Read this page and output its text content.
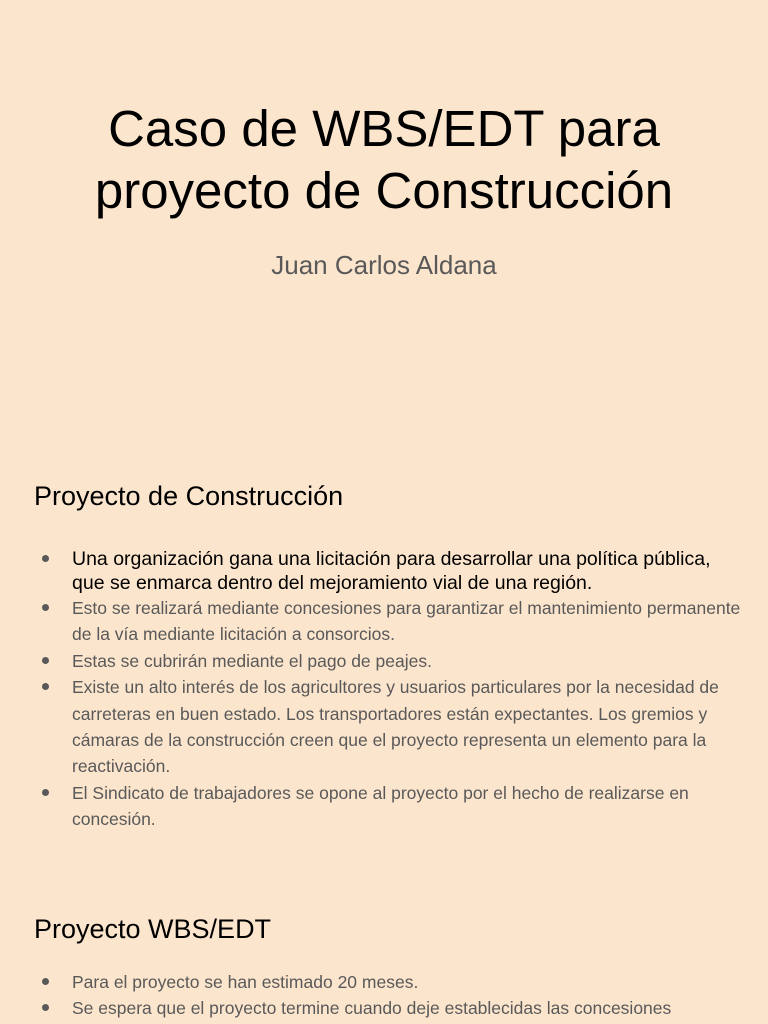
Caso de WBS/EDT para
proyecto de Construcción
Juan Carlos Aldana
Proyecto de Construcción
Una organización gana una licitación para desarrollar una política pública, que se enmarca dentro del mejoramiento vial de una región.
Esto se realizará mediante concesiones para garantizar el mantenimiento permanente de la vía mediante licitación a consorcios.
Estas se cubrirán mediante el pago de peajes.
Existe un alto interés de los agricultores y usuarios particulares por la necesidad de carreteras en buen estado. Los transportadores están expectantes. Los gremios y cámaras de la construcción creen que el proyecto representa un elemento para la reactivación.
El Sindicato de trabajadores se opone al proyecto por el hecho de realizarse en concesión.
Proyecto WBS/EDT
Para el proyecto se han estimado 20 meses.
Se espera que el proyecto termine cuando deje establecidas las concesiones
